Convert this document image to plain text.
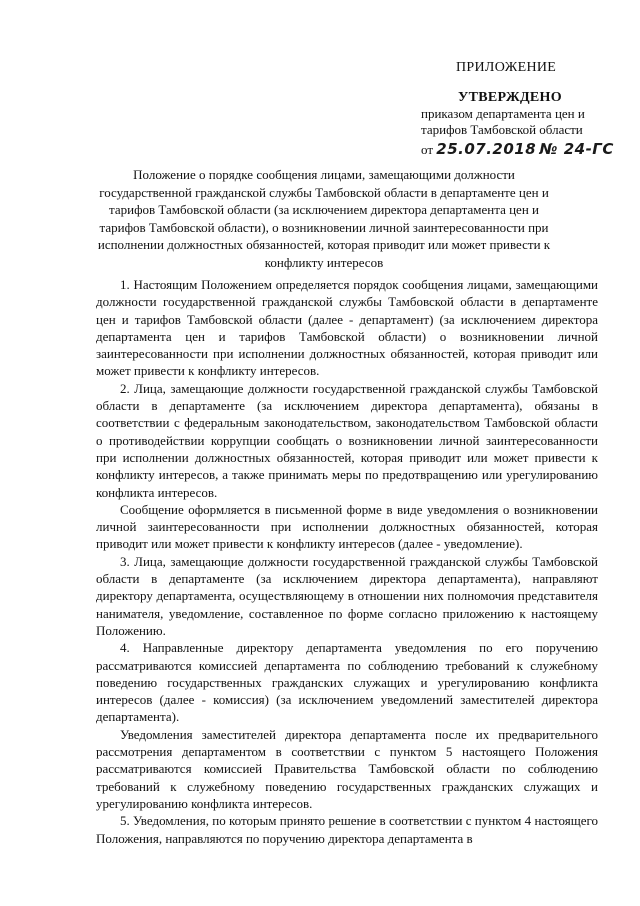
ПРИЛОЖЕНИЕ
УТВЕРЖДЕНО
приказом департамента цен и
тарифов Тамбовской области
от 25.07.2018 № 24-ГС
Положение о порядке сообщения лицами, замещающими должности государственной гражданской службы Тамбовской области в департаменте цен и тарифов Тамбовской области (за исключением директора департамента цен и тарифов Тамбовской области), о возникновении личной заинтересованности при исполнении должностных обязанностей, которая приводит или может привести к конфликту интересов

1. Настоящим Положением определяется порядок сообщения лицами, замещающими должности государственной гражданской службы Тамбовской области в департаменте цен и тарифов Тамбовской области (далее - департамент) (за исключением директора департамента цен и тарифов Тамбовской области) о возникновении личной заинтересованности при исполнении должностных обязанностей, которая приводит или может привести к конфликту интересов.

2. Лица, замещающие должности государственной гражданской службы Тамбовской области в департаменте (за исключением директора департамента), обязаны в соответствии с федеральным законодательством, законодательством Тамбовской области о противодействии коррупции сообщать о возникновении личной заинтересованности при исполнении должностных обязанностей, которая приводит или может привести к конфликту интересов, а также принимать меры по предотвращению или урегулированию конфликта интересов.

Сообщение оформляется в письменной форме в виде уведомления о возникновении личной заинтересованности при исполнении должностных обязанностей, которая приводит или может привести к конфликту интересов (далее - уведомление).

3. Лица, замещающие должности государственной гражданской службы Тамбовской области в департаменте (за исключением директора департамента), направляют директору департамента, осуществляющему в отношении них полномочия представителя нанимателя, уведомление, составленное по форме согласно приложению к настоящему Положению.

4. Направленные директору департамента уведомления по его поручению рассматриваются комиссией департамента по соблюдению требований к служебному поведению государственных гражданских служащих и урегулированию конфликта интересов (далее - комиссия) (за исключением уведомлений заместителей директора департамента).

Уведомления заместителей директора департамента после их предварительного рассмотрения департаментом в соответствии с пунктом 5 настоящего Положения рассматриваются комиссией Правительства Тамбовской области по соблюдению требований к служебному поведению государственных гражданских служащих и урегулированию конфликта интересов.

5. Уведомления, по которым принято решение в соответствии с пунктом 4 настоящего Положения, направляются по поручению директора департамента в
